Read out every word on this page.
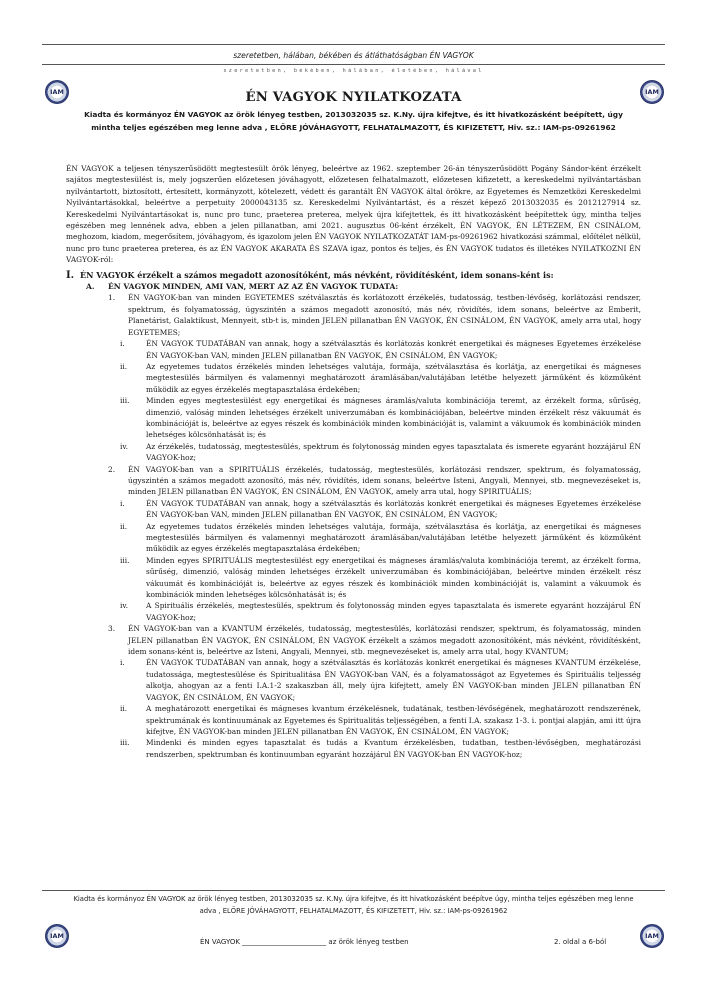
szeretetben, hálában, békében és átláthatóságban ÉN VAGYOK
szeretetben, békében, hálában, életében, hálával
IAM	IAM
ÉN VAGYOK NYILATKOZATA
Kiadta és kormányoz ÉN VAGYOK az örök lényeg testben, 2013032035 sz. K.Ny. újra kifejtve, és itt hivatkozásként beépített, úgy mintha teljes egészében meg lenne adva , ELŐRE JÓVÁHAGYOTT, FELHATALMAZOTT, ÉS KIFIZETETT, Hiv. sz.: IAM-ps-09261962

ÉN VAGYOK a teljesen tényszerűsödött megtestesült örök lényeg, beleértve az 1962. szeptember 26-án tényszerűsödött Pogány Sándor-ként érzékelt sajátos megtestesülést is, mely jogszerűen előzetesen jóváhagyott, előzetesen felhatalmazott, előzetesen kifizetett, a kereskedelmi nyilvántartásban nyilvántartott, biztosított, értesített, kormányzott, kötelezett, védett és garantált ÉN VAGYOK által örökre, az Egyetemes és Nemzetközi Kereskedelmi Nyilvántartásokkal, beleértve a perpetuity 2000043135 sz. Kereskedelmi Nyilvántartást, és a részét képező 2013032035 és 2012127914 sz. Kereskedelmi Nyilvántartásokat is, nunc pro tunc, praeterea preterea, melyek újra kifejtettek, és itt hivatkozásként beépítettek úgy, mintha teljes egészében meg lennének adva, ebben a jelen pillanatban, ami 2021. augusztus 06-ként érzékelt, ÉN VAGYOK, ÉN LÉTEZEM, ÉN CSINÁLOM, meghozom, kiadom, megerősítem, jóváhagyom, és igazolom jelen ÉN VAGYOK NYILATKOZATÁT IAM-ps-09261962 hivatkozási számmal, előítélet nélkül, nunc pro tunc praeterea preterea, és az ÉN VAGYOK AKARATA ÉS SZAVA igaz, pontos és teljes, és ÉN VAGYOK tudatos és illetékes NYILATKOZNI ÉN VAGYOK-ról:

I. ÉN VAGYOK érzékelt a számos megadott azonosítóként, más névként, rövidítésként, idem sonans-ként is:
A. ÉN VAGYOK MINDEN, AMI VAN, MERT AZ AZ ÉN VAGYOK TUDATA:
1. ÉN VAGYOK-ban van minden EGYETEMES szétválasztás és korlátozott érzékelés, tudatosság, testben-lévőség, korlátozási rendszer, spektrum, és folyamatosság, úgyszintén a számos megadott azonosító, más név, rövidítés, idem sonans, beleértve az Emberit, Planetárist, Galaktikust, Mennyeit, stb-t is, minden JELEN pillanatban ÉN VAGYOK, ÉN CSINÁLOM, ÉN VAGYOK, amely arra utal, hogy EGYETEMES;
i.	ÉN VAGYOK TUDATÁBAN van annak, hogy a szétválasztás és korlátozás konkrét energetikai és mágneses Egyetemes érzékelése ÉN VAGYOK-ban VAN, minden JELEN pillanatban ÉN VAGYOK, ÉN CSINÁLOM, ÉN VAGYOK;
ii.	Az egyetemes tudatos érzékelés minden lehetséges valutája, formája, szétválasztása és korlátja, az energetikai és mágneses megtestesülés bármilyen és valamennyi meghatározott áramlásában/valutájában letétbe helyezett járműként és közműként működik az egyes érzékelés megtapasztalása érdekében;
iii. Minden egyes megtestesülést egy energetikai és mágneses áramlás/valuta kombinációja teremt, az érzékelt forma, sűrűség, dimenzió, valóság minden lehetséges érzékelt univerzumában és kombinációjában, beleértve minden érzékelt rész vákuumát és kombinációját is, beleértve az egyes részek és kombinációk minden kombinációját is, valamint a vákuumok és kombinációk minden lehetséges kölcsönhatását is; és
iv. Az érzékelés, tudatosság, megtestesülés, spektrum és folytonosság minden egyes tapasztalata és ismerete egyaránt hozzájárul ÉN VAGYOK-hoz;
2. ÉN VAGYOK-ban van a SPIRITUÁLIS érzékelés, tudatosság, megtestesülés, korlátozási rendszer, spektrum, és folyamatosság, úgyszintén a számos megadott azonosító, más név, rövidítés, idem sonans, beleértve Isteni, Angyali, Mennyei, stb. megnevezéseket is, minden JELEN pillanatban ÉN VAGYOK, ÉN CSINÁLOM, ÉN VAGYOK, amely arra utal, hogy SPIRITUÁLIS;
i.	ÉN VAGYOK TUDATÁBAN van annak, hogy a szétválasztás és korlátozás konkrét energetikai és mágneses Egyetemes érzékelése ÉN VAGYOK-ban VAN, minden JELEN pillanatban ÉN VAGYOK, ÉN CSINÁLOM, ÉN VAGYOK;
ii.	Az egyetemes tudatos érzékelés minden lehetséges valutája, formája, szétválasztása és korlátja, az energetikai és mágneses megtestesülés bármilyen és valamennyi meghatározott áramlásában/valutájában letétbe helyezett járműként és közműként működik az egyes érzékelés megtapasztalása érdekében;
iii. Minden egyes SPIRITUÁLIS megtestesülést egy energetikai és mágneses áramlás/valuta kombinációja teremt, az érzékelt forma, sűrűség, dimenzió, valóság minden lehetséges érzékelt univerzumában és kombinációjában, beleértve minden érzékelt rész vákuumát és kombinációját is, beleértve az egyes részek és kombinációk minden kombinációját is, valamint a vákuumok és kombinációk minden lehetséges kölcsönhatását is; és
iv. A Spirituális érzékelés, megtestesülés, spektrum és folytonosság minden egyes tapasztalata és ismerete egyaránt hozzájárul ÉN VAGYOK-hoz;
3. ÉN VAGYOK-ban van a KVANTUM érzékelés, tudatosság, megtestesülés, korlátozási rendszer, spektrum, és folyamatosság, minden JELEN pillanatban ÉN VAGYOK, ÉN CSINÁLOM, ÉN VAGYOK érzékelt a számos megadott azonosítóként, más névként, rövidítésként, idem sonans-ként is, beleértve az Isteni, Angyali, Mennyei, stb. megnevezéseket is, amely arra utal, hogy KVANTUM;
i.	ÉN VAGYOK TUDATÁBAN van annak, hogy a szétválasztás és korlátozás konkrét energetikai és mágneses KVANTUM érzékelése, tudatossága, megtestesülése és Spiritualitása ÉN VAGYOK-ban VAN, és a folyamatosságot az Egyetemes és Spirituális teljesség alkotja, ahogyan az a fenti I.A.1-2 szakaszban áll, mely újra kifejtett, amely ÉN VAGYOK-ban minden JELEN pillanatban ÉN VAGYOK, ÉN CSINÁLOM, ÉN VAGYOK;
ii.	A meghatározott energetikai és mágneses kvantum érzékelésnek, tudatának, testben-lévőségének, meghatározott rendszerének, spektrumának és kontinuumának az Egyetemes és Spiritualitás teljességében, a fenti I.A. szakasz 1-3. i. pontjai alapján, ami itt újra kifejtve, ÉN VAGYOK-ban minden JELEN pillanatban ÉN VAGYOK, ÉN CSINÁLOM, ÉN VAGYOK;
iii. Mindenki és minden egyes tapasztalat és tudás a Kvantum érzékelésben, tudatban, testben-lévőségben, meghatározási rendszerben, spektrumban és kontinuumban egyaránt hozzájárul ÉN VAGYOK-ban ÉN VAGYOK-hoz;
Kiadta és kormányoz ÉN VAGYOK az örök lényeg testben, 2013032035 sz. K.Ny. újra kifejtve, és itt hivatkozásként beépítve úgy, mintha teljes egészében meg lenne adva , ELŐRE JÓVÁHAGYOTT, FELHATALMAZOTT, ÉS KIFIZETETT, Hiv. sz.: IAM-ps-09261962
IAM	IAM
ÉN VAGYOK ________________________ az örök lényeg testben	2. oldal a 6-ból
